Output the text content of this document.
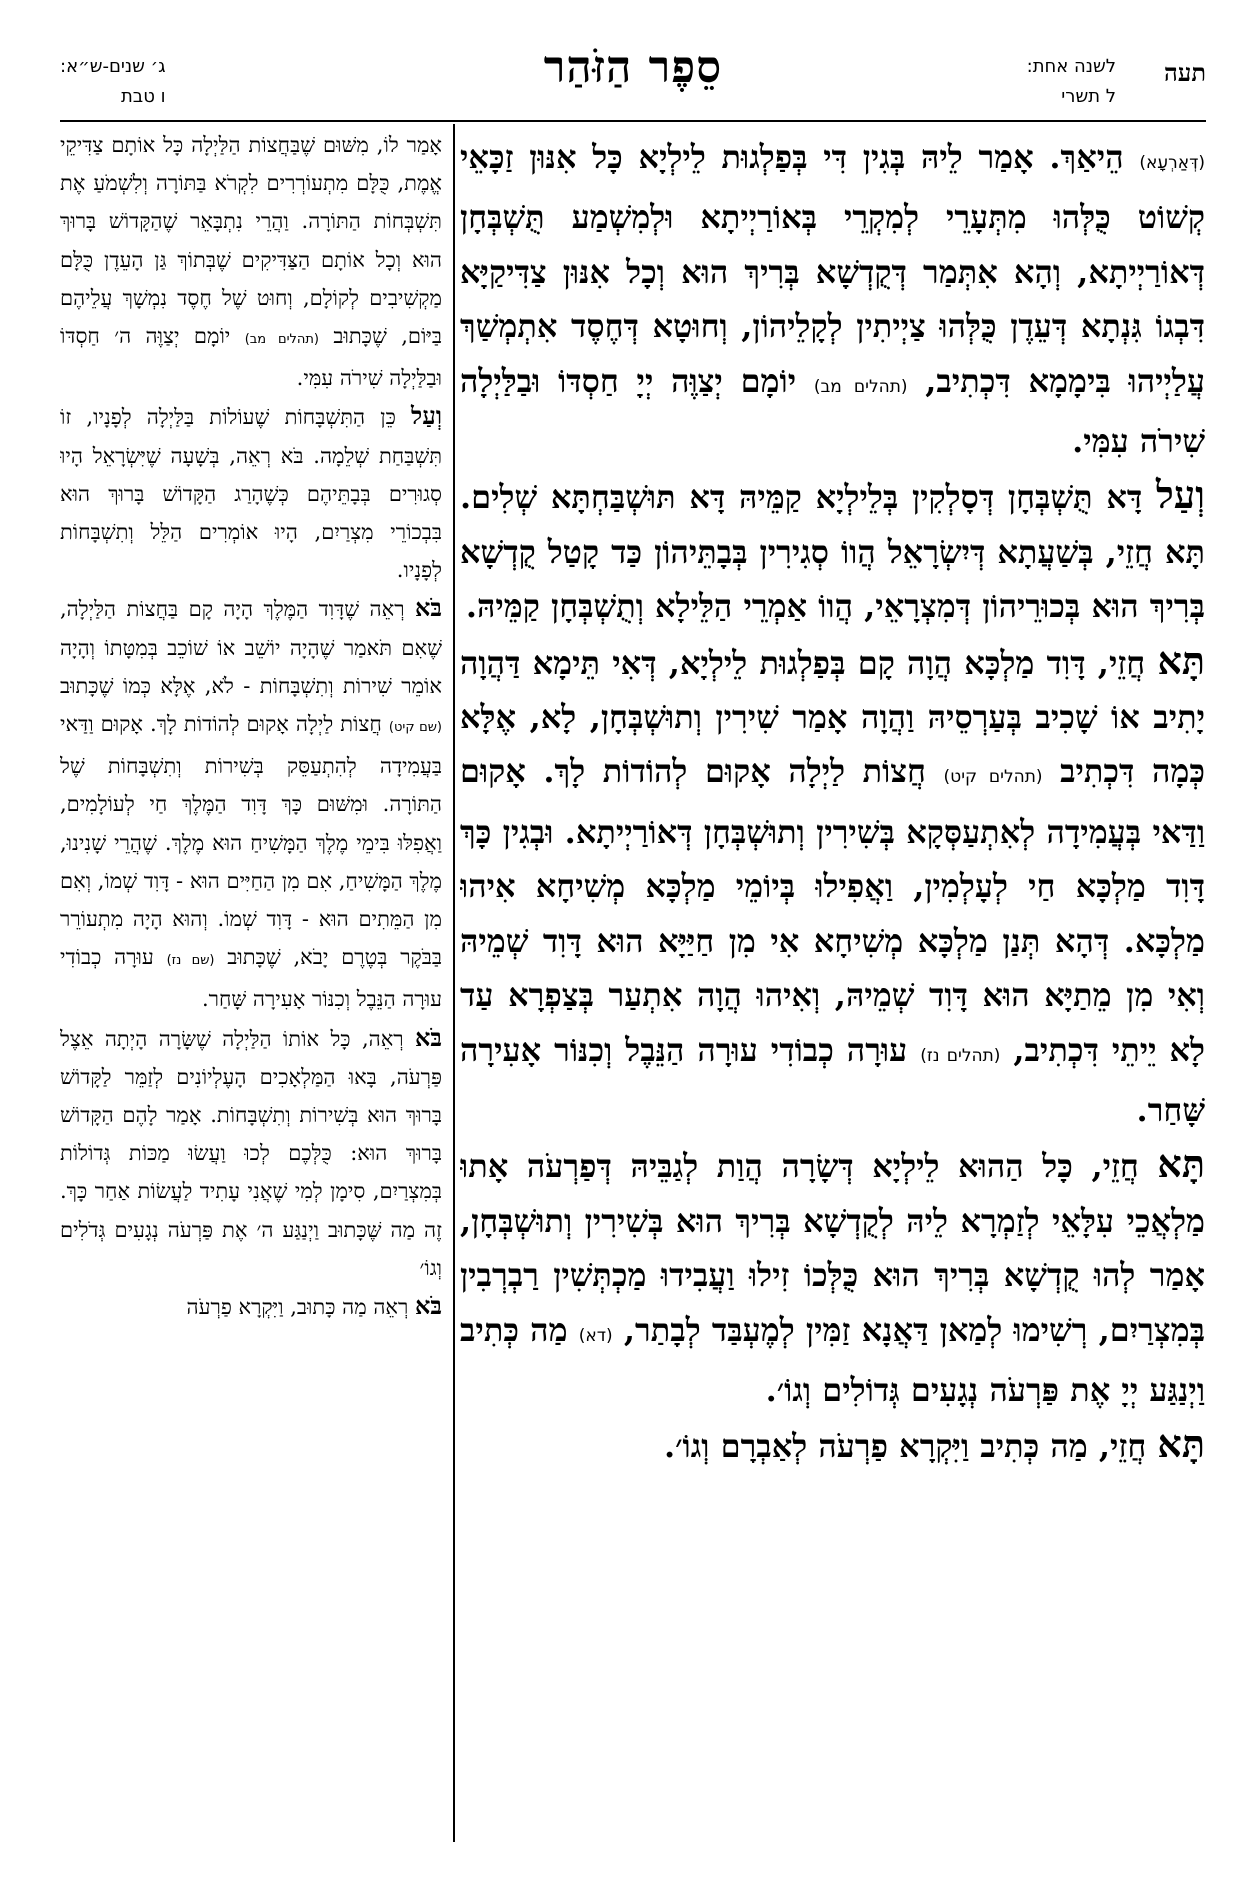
תעה
לשנה אחת:
ל תשרי
סֵפֶר הַזֹּהַר
ג׳ שנים-ש״א:
ו טבת

(דְּאַרְעָא) הֵיאַךְ. אָמַר לֵיהּ בְּגִין דִּי בְּפַלְגוּת לֵילְיָא כָּל אִנּוּן זַכָּאֵי קְשׁוֹט כֻּלְּהוּ מִתְּעָרֵי לְמִקְרֵי בְּאוֹרַיְיתָא וּלְמִשְׁמַע תֻּשְׁבְּחָן דְּאוֹרַיְיתָא, וְהָא אִתְּמַר דְּקֻדְשָׁא בְּרִיךְ הוּא וְכָל אִנּוּן צַדִּיקַיָּא דִּבְגוֹ גִּנְתָא דְּעֵדֶן כֻּלְּהוּ צַיְיתִין לְקָלֵיהוֹן, וְחוּטָא דְּחֶסֶד אִתְמְשַׁךְ עֲלַיְיהוּ בִּימָמָא דִּכְתִיב, (תהלים מב) יוֹמָם יְצַוֶּה יְיָ חַסְדּוֹ וּבַלַּיְלָה שִׁירֹה עִמִּי.

וְעַל דָּא תֻּשְׁבְּחָן דְּסָלְקִין בְּלֵילְיָא קַמֵּיהּ דָּא תּוּשְׁבַּחְתָּא שְׁלִים. תָּא חֲזֵי, בְּשַׁעֲתָא דְּיִשְׂרָאֵל הֲווֹ סְגִירִין בְּבָתֵּיהוֹן כַּד קָטַל קֻדְשָׁא בְּרִיךְ הוּא בְּכוּרֵיהוֹן דְּמִצְרָאֵי, הֲווֹ אַמְרֵי הַלֵּילָא וְתֻשְׁבְּחָן קַמֵּיהּ.

תָּא חֲזֵי, דָּוִד מַלְכָּא הֲוָה קָם בְּפַלְגוּת לֵילְיָא, דְּאִי תֵּימָא דַּהֲוָה יָתִיב אוֹ שָׁכִיב בְּעַרְסֵיהּ וַהֲוָה אָמַר שִׁירִין וְתוּשְׁבְּחָן, לָא, אֶלָּא כְּמָה דִּכְתִיב (תהלים קיט) חֲצוֹת לַיְלָה אָקוּם לְהוֹדוֹת לָךְ. אָקוּם וַדַּאי בְּעֲמִידָה לְאִתְעַסְּקָא בְּשִׁירִין וְתוּשְׁבְּחָן דְּאוֹרַיְיתָא. וּבְגִין כָּךְ דָּוִד מַלְכָּא חַי לְעָלְמִין, וַאֲפִילוּ בְּיוֹמֵי מַלְכָּא מְשִׁיחָא אִיהוּ מַלְכָּא. דְּהָא תְּנַן מַלְכָּא מְשִׁיחָא אִי מִן חַיַּיָּא הוּא דָּוִד שְׁמֵיהּ וְאִי מִן מֵתַיָּא הוּא דָּוִד שְׁמֵיהּ, וְאִיהוּ הֲוָה אִתְעַר בְּצַפְרָא עַד לָא יֵיתֵי דִּכְתִיב, (תהלים נז) עוּרָה כְבוֹדִי עוּרָה הַנֵּבֶל וְכִנּוֹר אָעִירָה שָּׁחַר.

תָּא חֲזֵי, כָּל הַהוּא לֵילְיָא דְּשָׂרָה הֲוַת לְגַבֵּיהּ דְּפַרְעֹה אָתוּ מַלְאֲכֵי עִלָּאֵי לְזַמְרָא לֵיהּ לְקֻדְשָׁא בְּרִיךְ הוּא בְּשִׁירִין וְתוּשְׁבְּחָן, אָמַר לְהוּ קֻדְשָׁא בְּרִיךְ הוּא כֻּלְּכוֹ זִילוּ וַעֲבִידוּ מַכְתְּשִׁין רַבְרְבִין בְּמִצְרַיִם, רְשִׁימוּ לְמַאן דַּאֲנָא זַמִּין לְמֶעְבַּד לְבָתַר, (דא) מַה כְּתִיב וַיְנַגַּע יְיָ אֶת פַּרְעֹה נְגָעִים גְּדוֹלִים וְגוֹ׳.

תָּא חֲזֵי, מַה כְּתִיב וַיִּקְרָא פַרְעֹה לְאַבְרָם וְגוֹ׳.

אָמַר לוֹ, מִשּׁוּם שֶׁבַּחֲצוֹת הַלַּיְלָה כָּל אוֹתָם צַדִּיקֵי אֱמֶת, כֻּלָּם מִתְעוֹרְרִים לִקְרֹא בַּתּוֹרָה וְלִשְׁמֹעַ אֶת תִּשְׁבְּחוֹת הַתּוֹרָה. וַהֲרֵי נִתְבָּאֵר שֶׁהַקָּדוֹשׁ בָּרוּךְ הוּא וְכָל אוֹתָם הַצַּדִּיקִים שֶׁבְּתוֹךְ גַּן הָעֵדֶן כֻּלָּם מַקְשִׁיבִים לְקוֹלָם, וְחוּט שֶׁל חֶסֶד נִמְשָׁךְ עֲלֵיהֶם בַּיּוֹם, שֶׁכָּתוּב (תהלים מב) יוֹמָם יְצַוֶּה ה׳ חַסְדּוֹ וּבַלַּיְלָה שִׁירֹה עִמִּי.

וְעַל כֵּן הַתִּשְׁבָּחוֹת שֶׁעוֹלוֹת בַּלַּיְלָה לְפָנָיו, זוֹ תִּשְׁבַּחַת שְׁלֵמָה. בֹּא רְאֵה, בְּשָׁעָה שֶׁיִּשְׂרָאֵל הָיוּ סְגוּרִים בְּבָתֵּיהֶם כְּשֶׁהָרַג הַקָּדוֹשׁ בָּרוּךְ הוּא בִּבְכוֹרֵי מִצְרַיִם, הָיוּ אוֹמְרִים הַלֵּל וְתִשְׁבָּחוֹת לְפָנָיו.

בֹּא רְאֵה שֶׁדָּוִד הַמֶּלֶךְ הָיָה קָם בַּחֲצוֹת הַלַּיְלָה, שֶׁאִם תֹּאמַר שֶׁהָיָה יוֹשֵׁב אוֹ שׁוֹכֵב בְּמִטָּתוֹ וְהָיָה אוֹמֵר שִׁירוֹת וְתִשְׁבָּחוֹת - לֹא, אֶלָּא כְּמוֹ שֶׁכָּתוּב (שם קיט) חֲצוֹת לַיְלָה אָקוּם לְהוֹדוֹת לָךְ. אָקוּם וַדַּאי בַּעֲמִידָה לְהִתְעַסֵּק בְּשִׁירוֹת וְתִשְׁבָּחוֹת שֶׁל הַתּוֹרָה. וּמִשּׁוּם כָּךְ דָּוִד הַמֶּלֶךְ חַי לְעוֹלָמִים, וַאֲפִלּוּ בִּימֵי מֶלֶךְ הַמָּשִׁיחַ הוּא מֶלֶךְ. שֶׁהֲרֵי שָׁנִינוּ, מֶלֶךְ הַמָּשִׁיחַ, אִם מִן הַחַיִּים הוּא - דָּוִד שְׁמוֹ, וְאִם מִן הַמֵּתִים הוּא - דָּוִד שְׁמוֹ. וְהוּא הָיָה מִתְעוֹרֵר בַּבֹּקֶר בְּטֶרֶם יָבֹא, שֶׁכָּתוּב (שם נז) עוּרָה כְבוֹדִי עוּרָה הַנֵּבֶל וְכִנּוֹר אָעִירָה שָּׁחַר.

בֹּא רְאֵה, כָּל אוֹתוֹ הַלַּיְלָה שֶׁשָּׂרָה הָיְתָה אֵצֶל פַּרְעֹה, בָּאוּ הַמַּלְאָכִים הָעֶלְיוֹנִים לְזַמֵּר לַקָּדוֹשׁ בָּרוּךְ הוּא בְּשִׁירוֹת וְתִשְׁבָּחוֹת. אָמַר לָהֶם הַקָּדוֹשׁ בָּרוּךְ הוּא: כֻּלְּכֶם לְכוּ וַעֲשׂוּ מַכּוֹת גְּדוֹלוֹת בְּמִצְרַיִם, סִימָן לְמִי שֶׁאֲנִי עָתִיד לַעֲשׂוֹת אַחַר כָּךְ. זֶה מַה שֶּׁכָּתוּב וַיְנַגַּע ה׳ אֶת פַּרְעֹה נְגָעִים גְּדֹלִים וְגוֹ׳

בֹּא רְאֵה מַה כָּתוּב, וַיִּקְרָא פַרְעֹה
